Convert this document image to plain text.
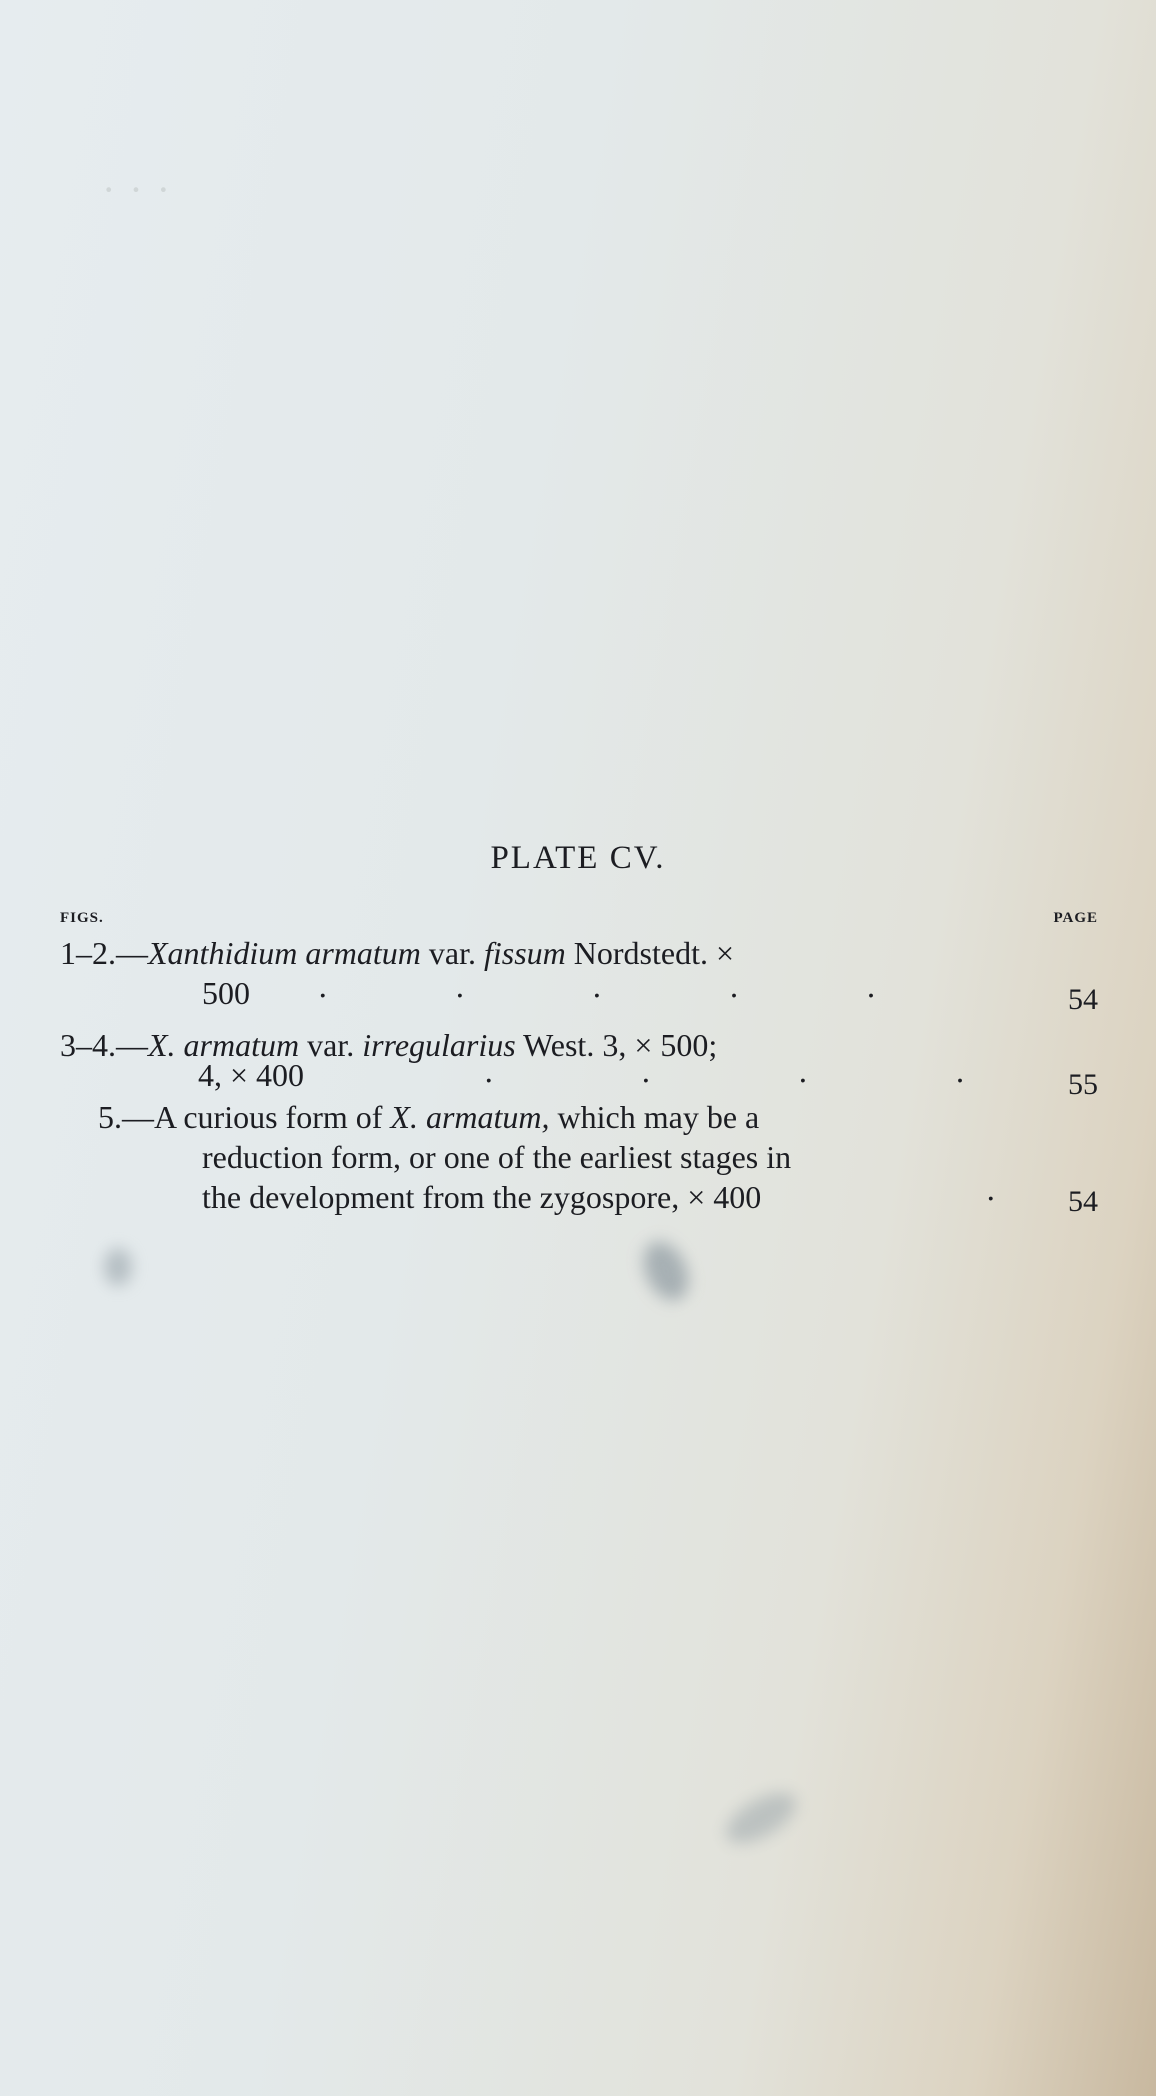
· · ·
PLATE CV.
FIGS.	PAGE
1–2.—Xanthidium armatum var. fissum Nordstedt. ×
500 . . . . .	54
3–4.—X. armatum var. irregularius West. 3, × 500;
4, × 400	. . . .	55
5.—A curious form of X. armatum, which may be a
reduction form, or one of the earliest stages in
the development from the zygospore, × 400	. 54
